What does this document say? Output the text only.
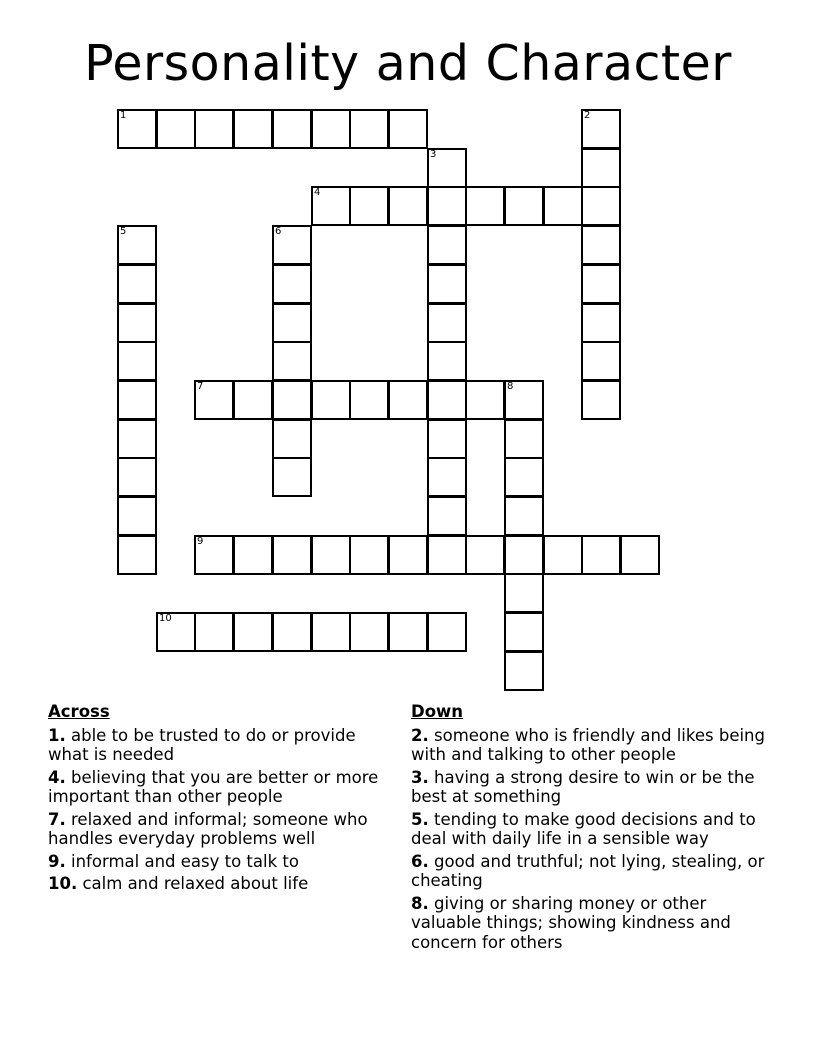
Personality and Character
1	2
3
4
5	6
7	8
9
10
Across
1. able to be trusted to do or provide what is needed
4. believing that you are better or more important than other people
7. relaxed and informal; someone who handles everyday problems well
9. informal and easy to talk to
10. calm and relaxed about life
Down
2. someone who is friendly and likes being with and talking to other people
3. having a strong desire to win or be the best at something
5. tending to make good decisions and to deal with daily life in a sensible way
6. good and truthful; not lying, stealing, or cheating
8. giving or sharing money or other valuable things; showing kindness and concern for others
